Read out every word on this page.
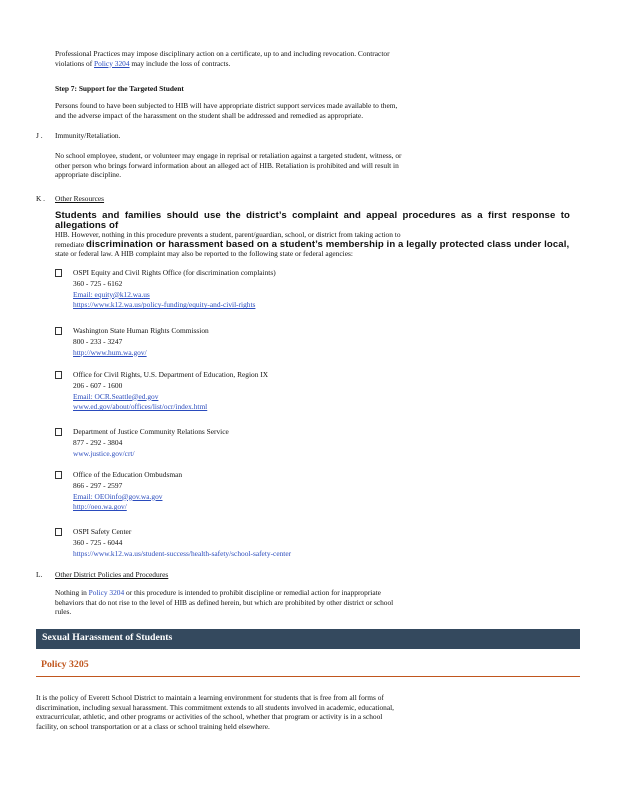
Professional Practices may impose disciplinary action on a certificate, up to and including revocation. Contractor

violations of Policy 3204 may include the loss of contracts.

Step 7: Support for the Targeted Student

Persons found to have been subjected to HIB will have appropriate district support services made available to them,

and the adverse impact of the harassment on the student shall be addressed and remedied as appropriate.

J . Immunity/Retaliation.

No school employee, student, or volunteer may engage in reprisal or retaliation against a targeted student, witness, or

other person who brings forward information about an alleged act of HIB. Retaliation is prohibited and will result in

appropriate discipline.

K . Other Resources

Students and families should use the district’s complaint and appeal procedures as a first response to allegations of

HIB. However, nothing in this procedure prevents a student, parent/guardian, school, or district from taking action to

remediate discrimination or harassment based on a student’s membership in a legally protected class under local,

state or federal law. A HIB complaint may also be reported to the following state or federal agencies:

OSPI Equity and Civil Rights Office (for discrimination complaints)
360 - 725 - 6162
Email: equity@k12.wa.us
https://www.k12.wa.us/policy-funding/equity-and-civil-rights
Washington State Human Rights Commission
800 - 233 - 3247
http://www.hum.wa.gov/
Office for Civil Rights, U.S. Department of Education, Region IX
206 - 607 - 1600
Email: OCR.Seattle@ed.gov
www.ed.gov/about/offices/list/ocr/index.html
Department of Justice Community Relations Service
877 - 292 - 3804
www.justice.gov/crt/
Office of the Education Ombudsman
866 - 297 - 2597
Email: OEOinfo@gov.wa.gov
http://oeo.wa.gov/
OSPI Safety Center
360 - 725 - 6044
https://www.k12.wa.us/student-success/health-safety/school-safety-center
L. Other District Policies and Procedures

Nothing in Policy 3204 or this procedure is intended to prohibit discipline or remedial action for inappropriate

behaviors that do not rise to the level of HIB as defined herein, but which are prohibited by other district or school

rules.

Sexual Harassment of Students
Policy 3205

It is the policy of Everett School District to maintain a learning environment for students that is free from all forms of

discrimination, including sexual harassment. This commitment extends to all students involved in academic, educational,

extracurricular, athletic, and other programs or activities of the school, whether that program or activity is in a school

facility, on school transportation or at a class or school training held elsewhere.
